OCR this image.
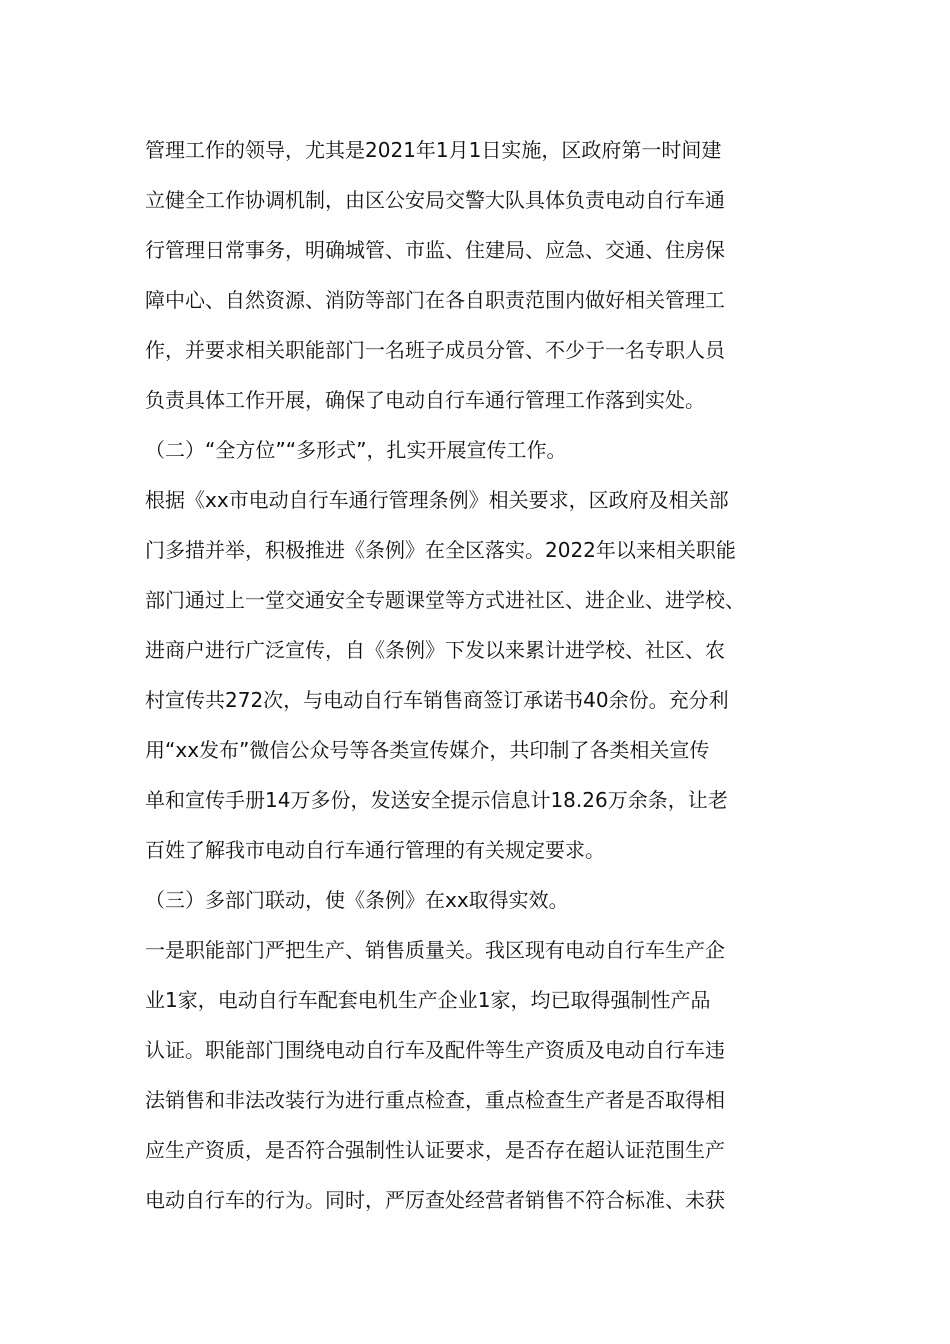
管理工作的领导，尤其是2021年1月1日实施，区政府第一时间建
立健全工作协调机制，由区公安局交警大队具体负责电动自行车通
行管理日常事务，明确城管、市监、住建局、应急、交通、住房保
障中心、自然资源、消防等部门在各自职责范围内做好相关管理工
作，并要求相关职能部门一名班子成员分管、不少于一名专职人员
负责具体工作开展，确保了电动自行车通行管理工作落到实处。
（二）“全方位”“多形式”，扎实开展宣传工作。
根据《xx市电动自行车通行管理条例》相关要求，区政府及相关部
门多措并举，积极推进《条例》在全区落实。2022年以来相关职能
部门通过上一堂交通安全专题课堂等方式进社区、进企业、进学校、
进商户进行广泛宣传，自《条例》下发以来累计进学校、社区、农
村宣传共272次，与电动自行车销售商签订承诺书40余份。充分利
用“xx发布”微信公众号等各类宣传媒介，共印制了各类相关宣传
单和宣传手册14万多份，发送安全提示信息计18.26万余条，让老
百姓了解我市电动自行车通行管理的有关规定要求。
（三）多部门联动，使《条例》在xx取得实效。
一是职能部门严把生产、销售质量关。我区现有电动自行车生产企
业1家，电动自行车配套电机生产企业1家，均已取得强制性产品
认证。职能部门围绕电动自行车及配件等生产资质及电动自行车违
法销售和非法改装行为进行重点检查，重点检查生产者是否取得相
应生产资质，是否符合强制性认证要求，是否存在超认证范围生产
电动自行车的行为。同时，严厉查处经营者销售不符合标准、未获
